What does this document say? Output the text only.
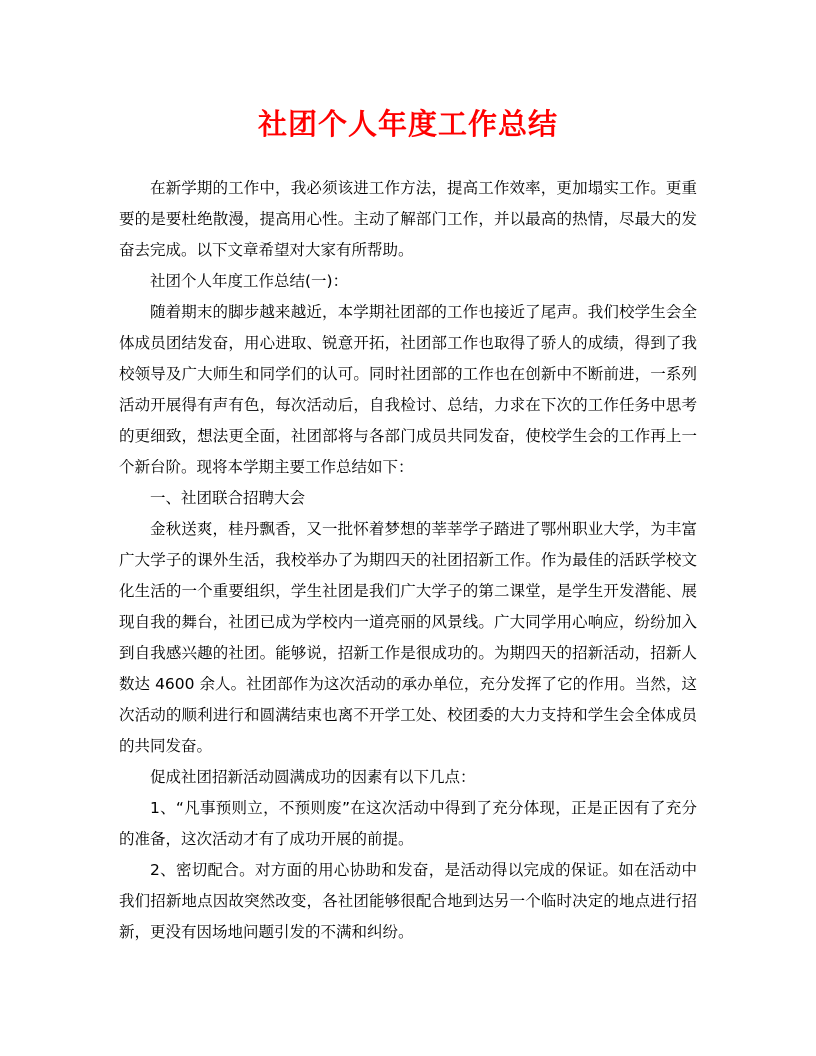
社团个人年度工作总结

在新学期的工作中，我必须该进工作方法，提高工作效率，更加塌实工作。更重要的是要杜绝散漫，提高用心性。主动了解部门工作，并以最高的热情，尽最大的发奋去完成。以下文章希望对大家有所帮助。

社团个人年度工作总结(一)：

随着期末的脚步越来越近，本学期社团部的工作也接近了尾声。我们校学生会全体成员团结发奋，用心进取、锐意开拓，社团部工作也取得了骄人的成绩，得到了我校领导及广大师生和同学们的认可。同时社团部的工作也在创新中不断前进，一系列活动开展得有声有色，每次活动后，自我检讨、总结，力求在下次的工作任务中思考的更细致，想法更全面，社团部将与各部门成员共同发奋，使校学生会的工作再上一个新台阶。现将本学期主要工作总结如下：

一、社团联合招聘大会

金秋送爽，桂丹飘香，又一批怀着梦想的莘莘学子踏进了鄂州职业大学，为丰富广大学子的课外生活，我校举办了为期四天的社团招新工作。作为最佳的活跃学校文化生活的一个重要组织，学生社团是我们广大学子的第二课堂，是学生开发潜能、展现自我的舞台，社团已成为学校内一道亮丽的风景线。广大同学用心响应，纷纷加入到自我感兴趣的社团。能够说，招新工作是很成功的。为期四天的招新活动，招新人数达 4600 余人。社团部作为这次活动的承办单位，充分发挥了它的作用。当然，这次活动的顺利进行和圆满结束也离不开学工处、校团委的大力支持和学生会全体成员的共同发奋。

促成社团招新活动圆满成功的因素有以下几点：

1、“凡事预则立，不预则废”在这次活动中得到了充分体现，正是正因有了充分的准备，这次活动才有了成功开展的前提。

2、密切配合。对方面的用心协助和发奋，是活动得以完成的保证。如在活动中我们招新地点因故突然改变，各社团能够很配合地到达另一个临时决定的地点进行招新，更没有因场地问题引发的不满和纠纷。
